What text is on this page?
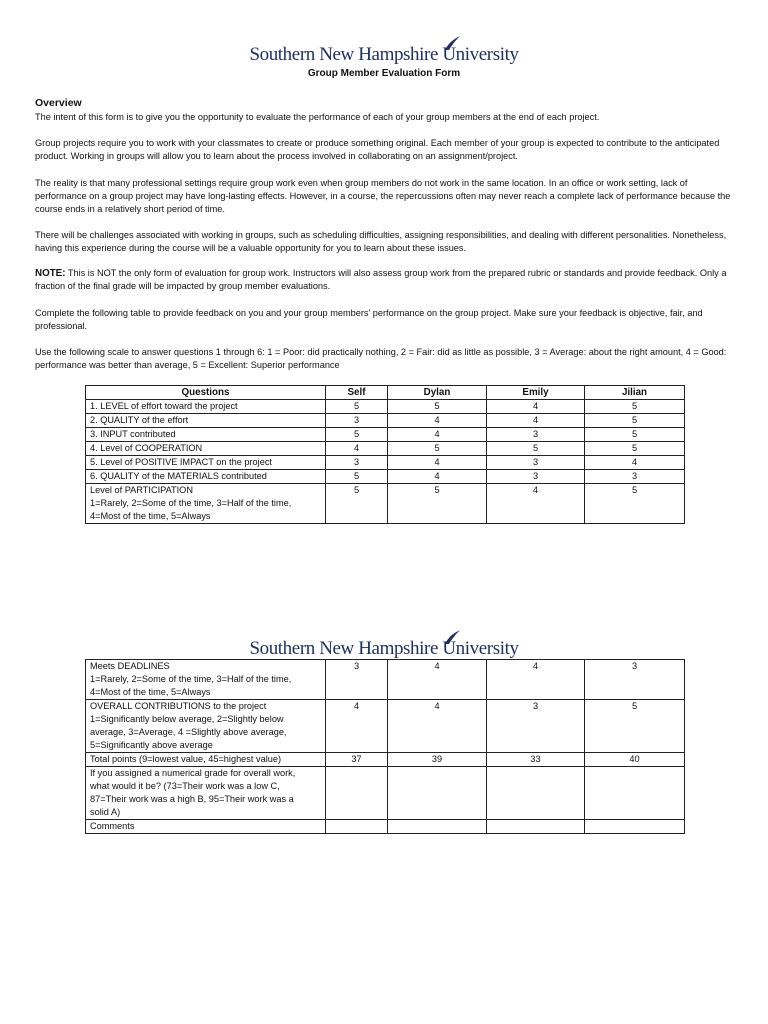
Southern New Hampshire University
Group Member Evaluation Form
Overview

The intent of this form is to give you the opportunity to evaluate the performance of each of your group members at the end of each project.

Group projects require you to work with your classmates to create or produce something original. Each member of your group is expected to contribute to the anticipated product. Working in groups will allow you to learn about the process involved in collaborating on an assignment/project.

The reality is that many professional settings require group work even when group members do not work in the same location. In an office or work setting, lack of performance on a group project may have long-lasting effects. However, in a course, the repercussions often may never reach a complete lack of performance because the course ends in a relatively short period of time.

There will be challenges associated with working in groups, such as scheduling difficulties, assigning responsibilities, and dealing with different personalities. Nonetheless, having this experience during the course will be a valuable opportunity for you to learn about these issues.

NOTE: This is NOT the only form of evaluation for group work. Instructors will also assess group work from the prepared rubric or standards and provide feedback. Only a fraction of the final grade will be impacted by group member evaluations.

Complete the following table to provide feedback on you and your group members’ performance on the group project. Make sure your feedback is objective, fair, and professional.

Use the following scale to answer questions 1 through 6: 1 = Poor: did practically nothing, 2 = Fair: did as little as possible, 3 = Average: about the right amount, 4 = Good: performance was better than average, 5 = Excellent: Superior performance

Questions	Self	Dylan	Emily	Jilian
1. LEVEL of effort toward the project	5	5	4	5
2. QUALITY of the effort	3	4	4	5
3. INPUT contributed	5	4	3	5
4. Level of COOPERATION	4	5	5	5
5. Level of POSITIVE IMPACT on the project	3	4	3	4
6. QUALITY of the MATERIALS contributed	5	4	3	3

Level of PARTICIPATION
1=Rarely, 2=Some of the time, 3=Half of the time,
4=Most of the time, 5=Always	5	5	4	5
Southern New Hampshire University
Meets DEADLINES
1=Rarely, 2=Some of the time, 3=Half of the time,
4=Most of the time, 5=Always	3	4	4	3

OVERALL CONTRIBUTIONS to the project
1=Significantly below average, 2=Slightly below
average, 3=Average, 4 =Slightly above average,
5=Significantly above average	4	4	3	5
Total points (9=lowest value, 45=highest value)	37	39	33	40

If you assigned a numerical grade for overall work,
what would it be? (73=Their work was a low C,
87=Their work was a high B, 95=Their work was a
solid A)				

Comments				
